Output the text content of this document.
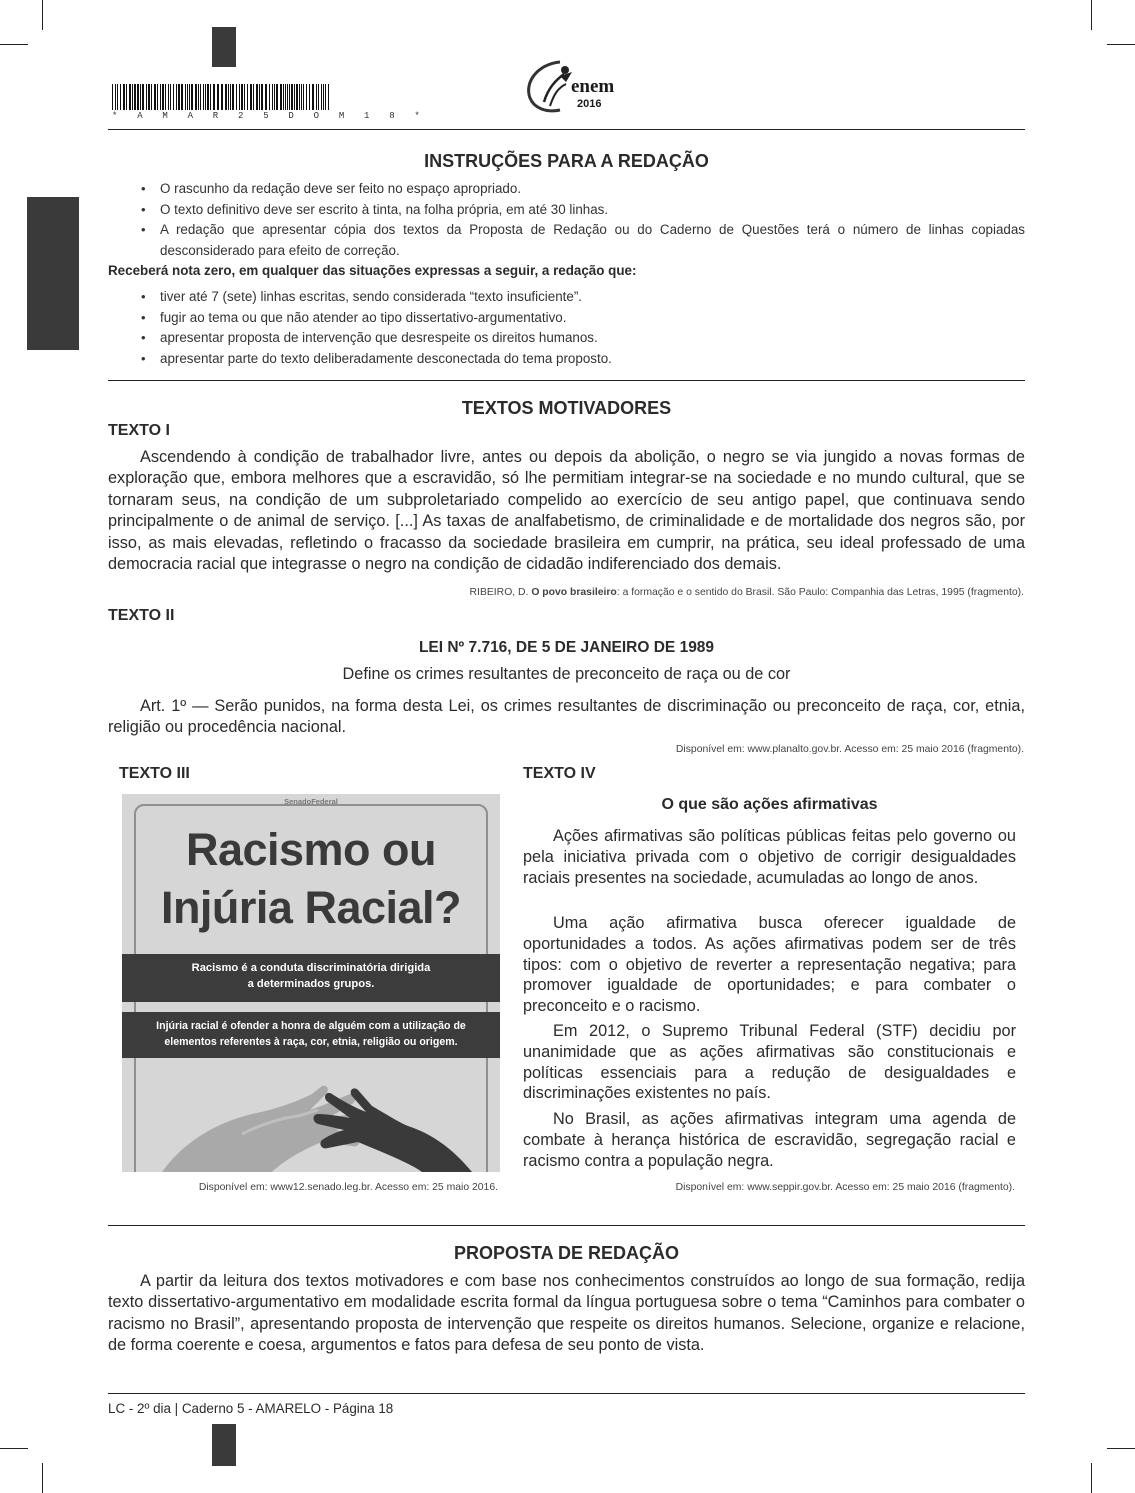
* A M A R 2 5 D O M 1 8 *
enem
2016
INSTRUÇÕES PARA A REDAÇÃO
• O rascunho da redação deve ser feito no espaço apropriado.
• O texto definitivo deve ser escrito à tinta, na folha própria, em até 30 linhas.
• A redação que apresentar cópia dos textos da Proposta de Redação ou do Caderno de Questões terá o número de linhas copiadas desconsiderado para efeito de correção.
Receberá nota zero, em qualquer das situações expressas a seguir, a redação que:
• tiver até 7 (sete) linhas escritas, sendo considerada “texto insuficiente”.
• fugir ao tema ou que não atender ao tipo dissertativo-argumentativo.
• apresentar proposta de intervenção que desrespeite os direitos humanos.
• apresentar parte do texto deliberadamente desconectada do tema proposto.
TEXTOS MOTIVADORES
TEXTO I
Ascendendo à condição de trabalhador livre, antes ou depois da abolição, o negro se via jungido a novas formas de exploração que, embora melhores que a escravidão, só lhe permitiam integrar-se na sociedade e no mundo cultural, que se tornaram seus, na condição de um subproletariado compelido ao exercício de seu antigo papel, que continuava sendo principalmente o de animal de serviço. [...] As taxas de analfabetismo, de criminalidade e de mortalidade dos negros são, por isso, as mais elevadas, refletindo o fracasso da sociedade brasileira em cumprir, na prática, seu ideal professado de uma democracia racial que integrasse o negro na condição de cidadão indiferenciado dos demais.
RIBEIRO, D. O povo brasileiro: a formação e o sentido do Brasil. São Paulo: Companhia das Letras, 1995 (fragmento).
TEXTO II
LEI Nº 7.716, DE 5 DE JANEIRO DE 1989
Define os crimes resultantes de preconceito de raça ou de cor
Art. 1º — Serão punidos, na forma desta Lei, os crimes resultantes de discriminação ou preconceito de raça, cor, etnia, religião ou procedência nacional.
Disponível em: www.planalto.gov.br. Acesso em: 25 maio 2016 (fragmento).
TEXTO III
SenadoFederal
Racismo ou
Injúria Racial?
Racismo é a conduta discriminatória dirigida
a determinados grupos.
Injúria racial é ofender a honra de alguém com a utilização de
elementos referentes à raça, cor, etnia, religião ou origem.
Disponível em: www12.senado.leg.br. Acesso em: 25 maio 2016.
TEXTO IV
O que são ações afirmativas
Ações afirmativas são políticas públicas feitas pelo governo ou pela iniciativa privada com o objetivo de corrigir desigualdades raciais presentes na sociedade, acumuladas ao longo de anos.
Uma ação afirmativa busca oferecer igualdade de oportunidades a todos. As ações afirmativas podem ser de três tipos: com o objetivo de reverter a representação negativa; para promover igualdade de oportunidades; e para combater o preconceito e o racismo.
Em 2012, o Supremo Tribunal Federal (STF) decidiu por unanimidade que as ações afirmativas são constitucionais e políticas essenciais para a redução de desigualdades e discriminações existentes no país.
No Brasil, as ações afirmativas integram uma agenda de combate à herança histórica de escravidão, segregação racial e racismo contra a população negra.
Disponível em: www.seppir.gov.br. Acesso em: 25 maio 2016 (fragmento).
PROPOSTA DE REDAÇÃO
A partir da leitura dos textos motivadores e com base nos conhecimentos construídos ao longo de sua formação, redija texto dissertativo-argumentativo em modalidade escrita formal da língua portuguesa sobre o tema “Caminhos para combater o racismo no Brasil”, apresentando proposta de intervenção que respeite os direitos humanos. Selecione, organize e relacione, de forma coerente e coesa, argumentos e fatos para defesa de seu ponto de vista.
LC - 2º dia | Caderno 5 - AMARELO - Página 18
